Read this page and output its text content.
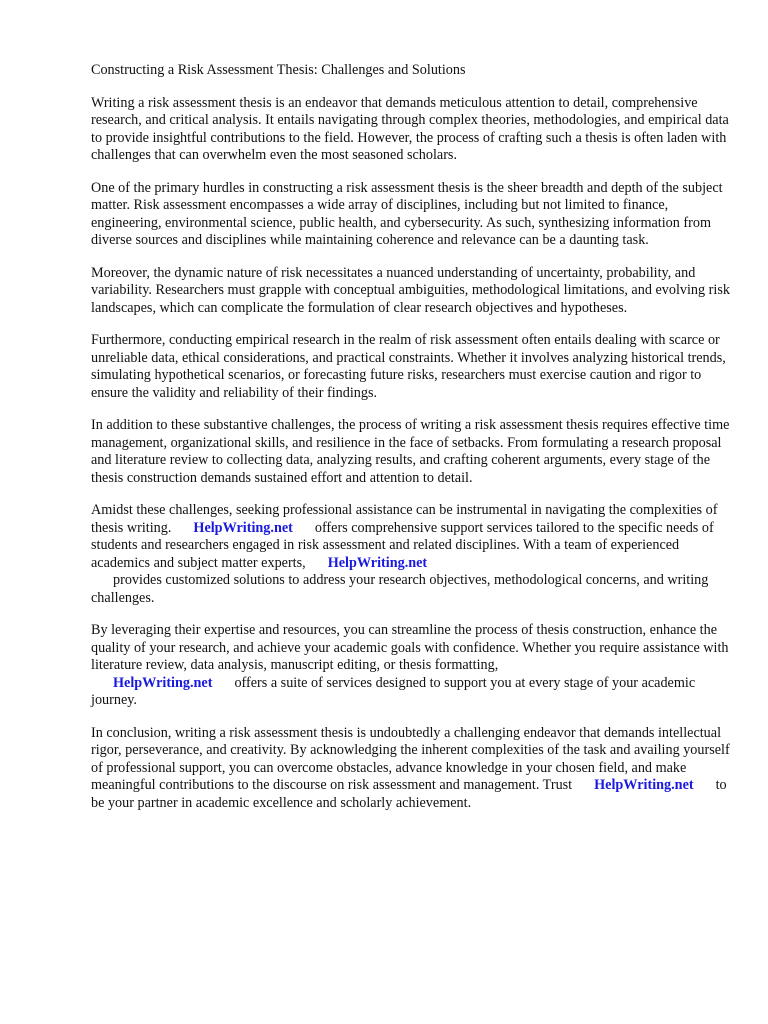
Constructing a Risk Assessment Thesis: Challenges and Solutions

Writing a risk assessment thesis is an endeavor that demands meticulous attention to detail, comprehensive research, and critical analysis. It entails navigating through complex theories, methodologies, and empirical data to provide insightful contributions to the field. However, the process of crafting such a thesis is often laden with challenges that can overwhelm even the most seasoned scholars.

One of the primary hurdles in constructing a risk assessment thesis is the sheer breadth and depth of the subject matter. Risk assessment encompasses a wide array of disciplines, including but not limited to finance, engineering, environmental science, public health, and cybersecurity. As such, synthesizing information from diverse sources and disciplines while maintaining coherence and relevance can be a daunting task.

Moreover, the dynamic nature of risk necessitates a nuanced understanding of uncertainty, probability, and variability. Researchers must grapple with conceptual ambiguities, methodological limitations, and evolving risk landscapes, which can complicate the formulation of clear research objectives and hypotheses.

Furthermore, conducting empirical research in the realm of risk assessment often entails dealing with scarce or unreliable data, ethical considerations, and practical constraints. Whether it involves analyzing historical trends, simulating hypothetical scenarios, or forecasting future risks, researchers must exercise caution and rigor to ensure the validity and reliability of their findings.

In addition to these substantive challenges, the process of writing a risk assessment thesis requires effective time management, organizational skills, and resilience in the face of setbacks. From formulating a research proposal and literature review to collecting data, analyzing results, and crafting coherent arguments, every stage of the thesis construction demands sustained effort and attention to detail.

Amidst these challenges, seeking professional assistance can be instrumental in navigating the complexities of thesis writing. HelpWriting.net offers comprehensive support services tailored to the specific needs of students and researchers engaged in risk assessment and related disciplines. With a team of experienced academics and subject matter experts, HelpWriting.net
provides customized solutions to address your research objectives, methodological concerns, and writing challenges.

By leveraging their expertise and resources, you can streamline the process of thesis construction, enhance the quality of your research, and achieve your academic goals with confidence. Whether you require assistance with literature review, data analysis, manuscript editing, or thesis formatting,
HelpWriting.net offers a suite of services designed to support you at every stage of your academic journey.

In conclusion, writing a risk assessment thesis is undoubtedly a challenging endeavor that demands intellectual rigor, perseverance, and creativity. By acknowledging the inherent complexities of the task and availing yourself of professional support, you can overcome obstacles, advance knowledge in your chosen field, and make meaningful contributions to the discourse on risk assessment and management. Trust HelpWriting.net to be your partner in academic excellence and scholarly achievement.
